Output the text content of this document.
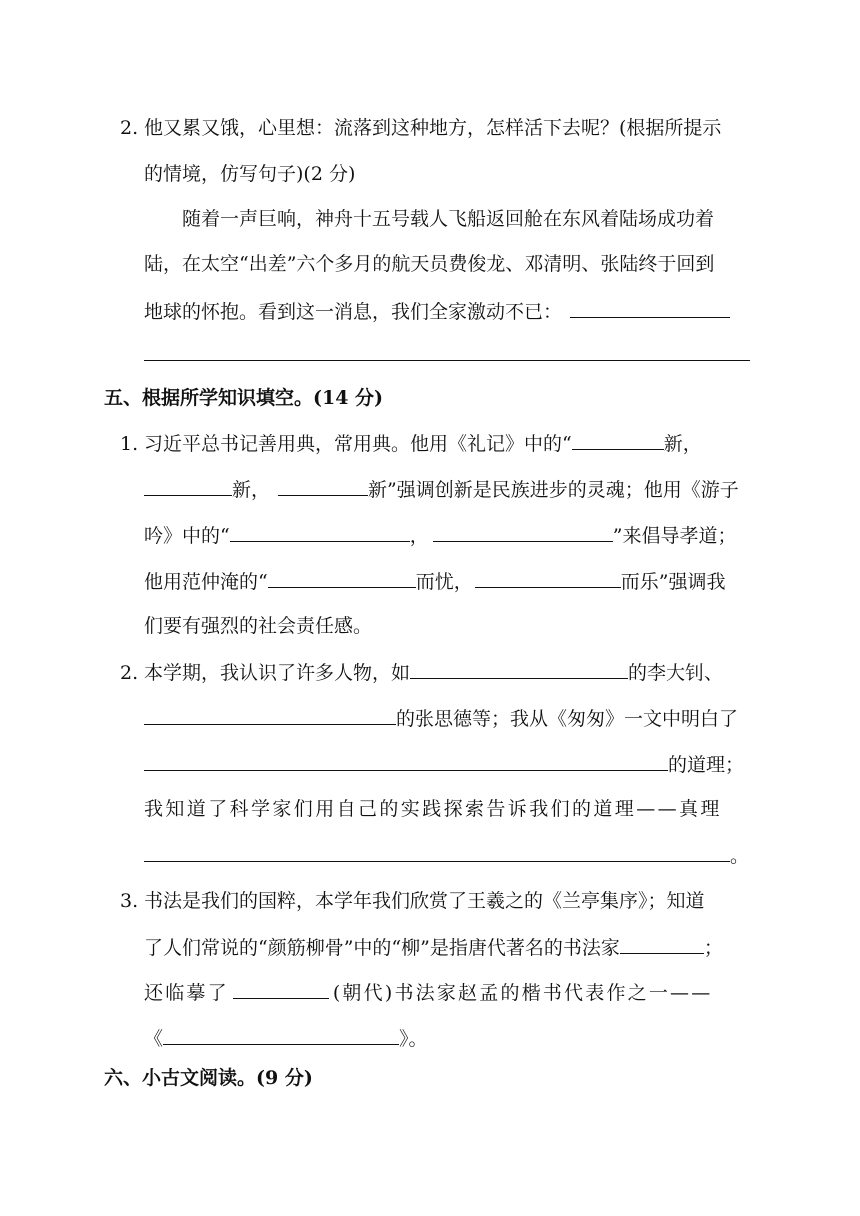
2. 他又累又饿，心里想：流落到这种地方，怎样活下去呢？(根据所提示
的情境，仿写句子)(2 分)
随着一声巨响，神舟十五号载人飞船返回舱在东风着陆场成功着
陆，在太空“出差”六个多月的航天员费俊龙、邓清明、张陆终于回到
地球的怀抱。看到这一消息，我们全家激动不已：
五、根据所学知识填空。(14 分)
1. 习近平总书记善用典，常用典。他用《礼记》中的“	新，
新，	新”强调创新是民族进步的灵魂；他用《游子
吟》中的“	，	”来倡导孝道；
他用范仲淹的“	而忧，	而乐”强调我
们要有强烈的社会责任感。
2. 本学期，我认识了许多人物，如	的李大钊、
的张思德等；我从《匆匆》一文中明白了
的道理；
我知道了科学家们用自己的实践探索告诉我们的道理——真理
。
3. 书法是我们的国粹，本学年我们欣赏了王羲之的《兰亭集序》；知道
了人们常说的“颜筋柳骨”中的“柳”是指唐代著名的书法家	；
还临摹了	(朝代)书法家赵孟的楷书代表作之一——
《	》。
六、小古文阅读。(9 分)
